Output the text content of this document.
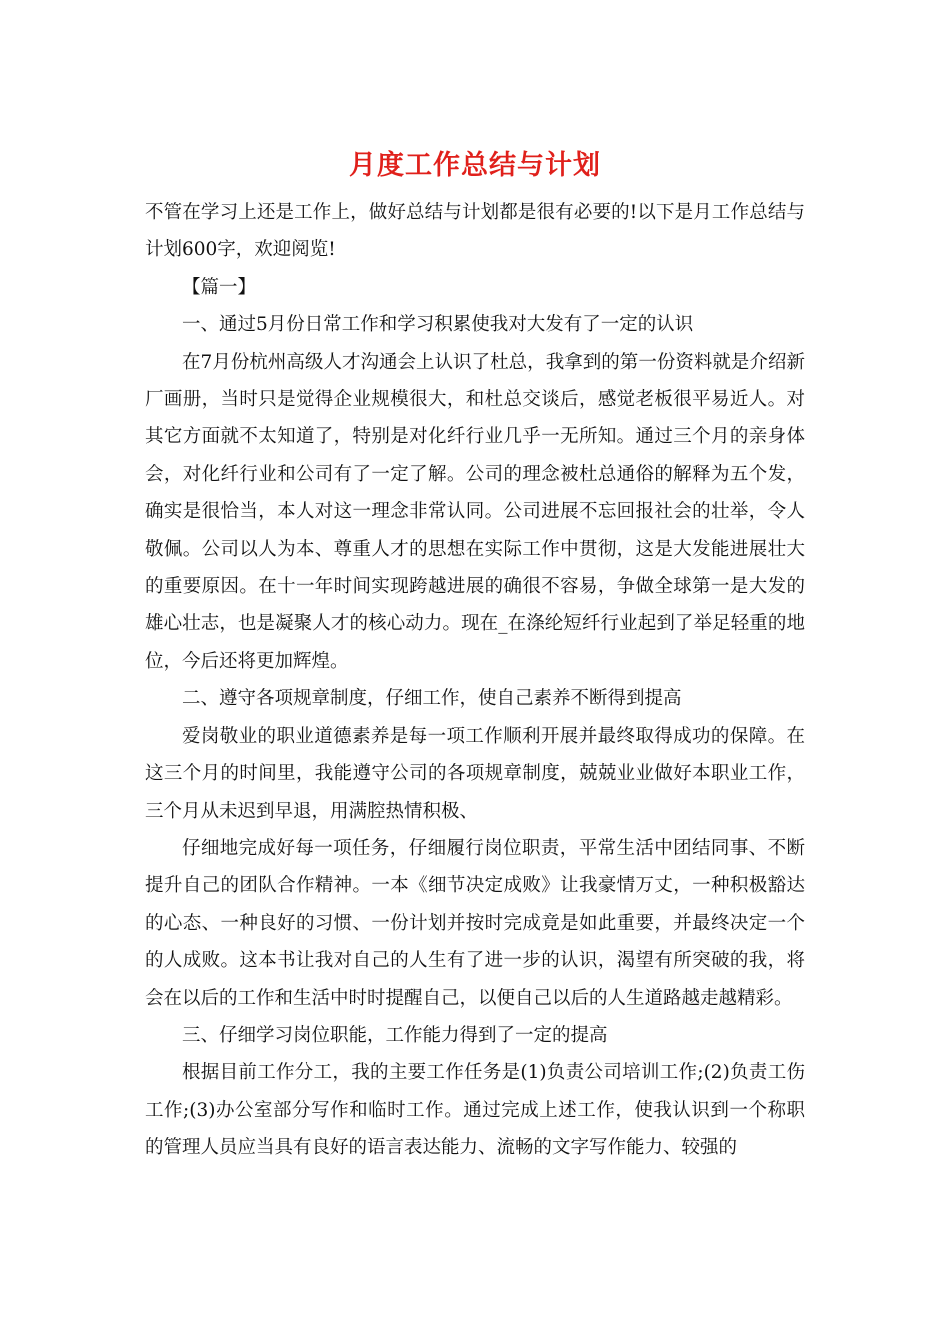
月度工作总结与计划

不管在学习上还是工作上，做好总结与计划都是很有必要的!以下是月工作总结与计划600字，欢迎阅览!

【篇一】

一、通过5月份日常工作和学习积累使我对大发有了一定的认识

在7月份杭州高级人才沟通会上认识了杜总，我拿到的第一份资料就是介绍新厂画册，当时只是觉得企业规模很大，和杜总交谈后，感觉老板很平易近人。对其它方面就不太知道了，特别是对化纤行业几乎一无所知。通过三个月的亲身体会，对化纤行业和公司有了一定了解。公司的理念被杜总通俗的解释为五个发，确实是很恰当，本人对这一理念非常认同。公司进展不忘回报社会的壮举，令人敬佩。公司以人为本、尊重人才的思想在实际工作中贯彻，这是大发能进展壮大的重要原因。在十一年时间实现跨越进展的确很不容易，争做全球第一是大发的雄心壮志，也是凝聚人才的核心动力。现在_在涤纶短纤行业起到了举足轻重的地位，今后还将更加辉煌。

二、遵守各项规章制度，仔细工作，使自己素养不断得到提高

爱岗敬业的职业道德素养是每一项工作顺利开展并最终取得成功的保障。在这三个月的时间里，我能遵守公司的各项规章制度，兢兢业业做好本职业工作，三个月从未迟到早退，用满腔热情积极、

仔细地完成好每一项任务，仔细履行岗位职责，平常生活中团结同事、不断提升自己的团队合作精神。一本《细节决定成败》让我豪情万丈，一种积极豁达的心态、一种良好的习惯、一份计划并按时完成竟是如此重要，并最终决定一个的人成败。这本书让我对自己的人生有了进一步的认识，渴望有所突破的我，将会在以后的工作和生活中时时提醒自己，以便自己以后的人生道路越走越精彩。

三、仔细学习岗位职能，工作能力得到了一定的提高

根据目前工作分工，我的主要工作任务是(1)负责公司培训工作;(2)负责工伤工作;(3)办公室部分写作和临时工作。通过完成上述工作，使我认识到一个称职的管理人员应当具有良好的语言表达能力、流畅的文字写作能力、较强的
